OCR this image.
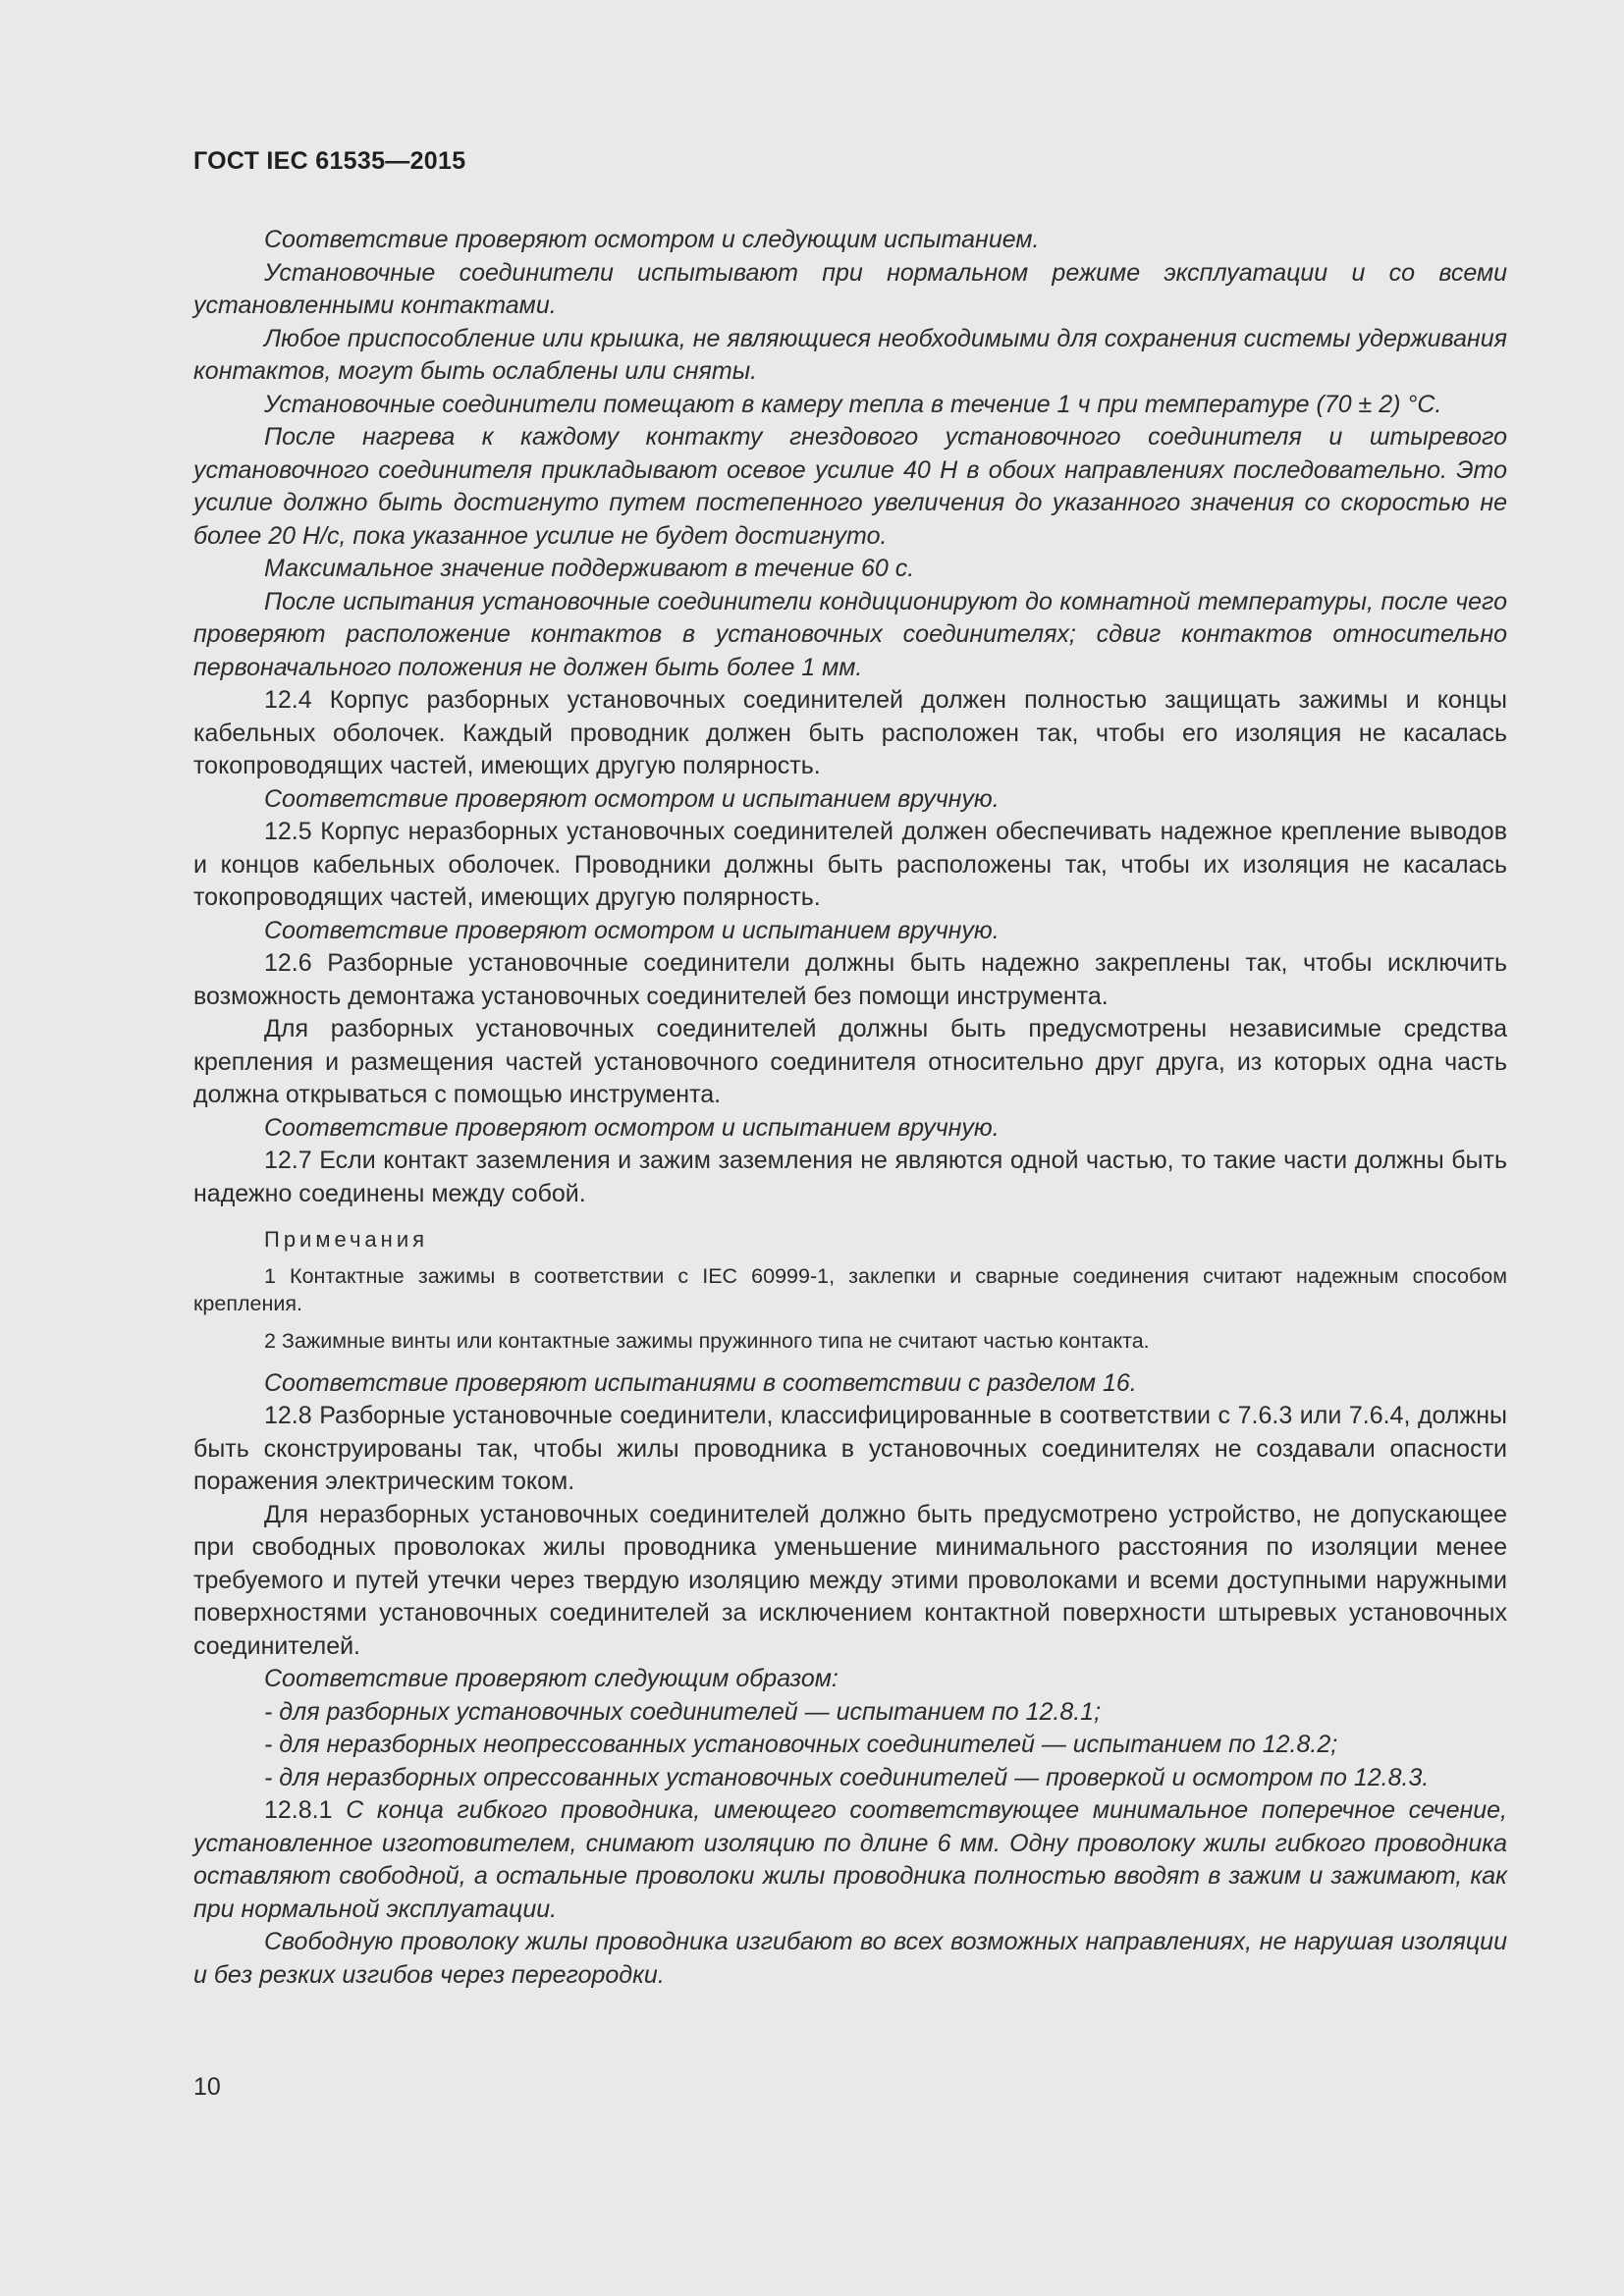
ГОСТ IEC 61535—2015

Соответствие проверяют осмотром и следующим испытанием.

Установочные соединители испытывают при нормальном режиме эксплуатации и со всеми установленными контактами.

Любое приспособление или крышка, не являющиеся необходимыми для сохранения системы удерживания контактов, могут быть ослаблены или сняты.

Установочные соединители помещают в камеру тепла в течение 1 ч при температуре (70 ± 2) °С.

После нагрева к каждому контакту гнездового установочного соединителя и штыревого установочного соединителя прикладывают осевое усилие 40 Н в обоих направлениях последовательно. Это усилие должно быть достигнуто путем постепенного увеличения до указанного значения со скоростью не более 20 Н/с, пока указанное усилие не будет достигнуто.

Максимальное значение поддерживают в течение 60 с.

После испытания установочные соединители кондиционируют до комнатной температуры, после чего проверяют расположение контактов в установочных соединителях; сдвиг контактов относительно первоначального положения не должен быть более 1 мм.

12.4 Корпус разборных установочных соединителей должен полностью защищать зажимы и концы кабельных оболочек. Каждый проводник должен быть расположен так, чтобы его изоляция не касалась токопроводящих частей, имеющих другую полярность.

Соответствие проверяют осмотром и испытанием вручную.

12.5 Корпус неразборных установочных соединителей должен обеспечивать надежное крепление выводов и концов кабельных оболочек. Проводники должны быть расположены так, чтобы их изоляция не касалась токопроводящих частей, имеющих другую полярность.

Соответствие проверяют осмотром и испытанием вручную.

12.6 Разборные установочные соединители должны быть надежно закреплены так, чтобы исключить возможность демонтажа установочных соединителей без помощи инструмента.

Для разборных установочных соединителей должны быть предусмотрены независимые средства крепления и размещения частей установочного соединителя относительно друг друга, из которых одна часть должна открываться с помощью инструмента.

Соответствие проверяют осмотром и испытанием вручную.

12.7 Если контакт заземления и зажим заземления не являются одной частью, то такие части должны быть надежно соединены между собой.

Примечания

1 Контактные зажимы в соответствии с IEC 60999-1, заклепки и сварные соединения считают надежным способом крепления.

2 Зажимные винты или контактные зажимы пружинного типа не считают частью контакта.

Соответствие проверяют испытаниями в соответствии с разделом 16.

12.8 Разборные установочные соединители, классифицированные в соответствии с 7.6.3 или 7.6.4, должны быть сконструированы так, чтобы жилы проводника в установочных соединителях не создавали опасности поражения электрическим током.

Для неразборных установочных соединителей должно быть предусмотрено устройство, не допускающее при свободных проволоках жилы проводника уменьшение минимального расстояния по изоляции менее требуемого и путей утечки через твердую изоляцию между этими проволоками и всеми доступными наружными поверхностями установочных соединителей за исключением контактной поверхности штыревых установочных соединителей.

Соответствие проверяют следующим образом:

- для разборных установочных соединителей — испытанием по 12.8.1;

- для неразборных неопрессованных установочных соединителей — испытанием по 12.8.2;

- для неразборных опрессованных установочных соединителей — проверкой и осмотром по 12.8.3.

12.8.1 С конца гибкого проводника, имеющего соответствующее минимальное поперечное сечение, установленное изготовителем, снимают изоляцию по длине 6 мм. Одну проволоку жилы гибкого проводника оставляют свободной, а остальные проволоки жилы проводника полностью вводят в зажим и зажимают, как при нормальной эксплуатации.

Свободную проволоку жилы проводника изгибают во всех возможных направлениях, не нарушая изоляции и без резких изгибов через перегородки.

10
